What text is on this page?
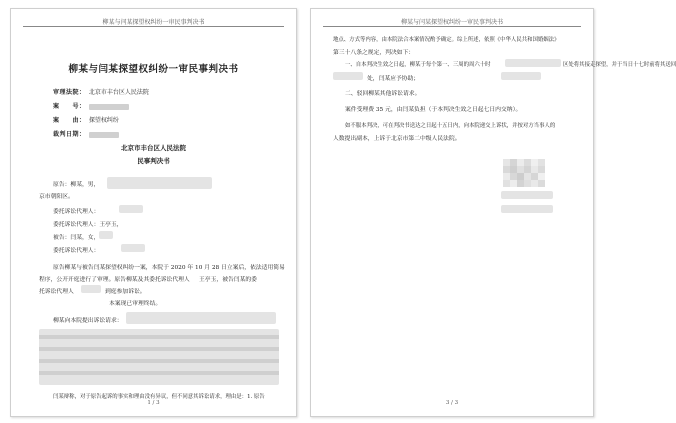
柳某与闫某探望权纠纷一审民事判决书
柳某与闫某探望权纠纷一审民事判决书
审理法院： 北京市丰台区人民法院
案　　号：
案　　由： 探望权纠纷
裁判日期：
北京市丰台区人民法院
民事判决书
原告：柳某，男，
京市朝阳区。
委托诉讼代理人：
委托诉讼代理人：王亭玉，
被告：闫某，女，
委托诉讼代理人：
原告柳某与被告闫某探望权纠纷一案，本院于 2020 年 10 月 28 日立案后，依法适用简易
程序，公开开庭进行了审理。原告柳某及其委托诉讼代理人 王亭玉，被告闫某的委
托诉讼代理人	到庭参加诉讼。
本案现已审理终结。
柳某向本院提出诉讼请求：
闫某辩称，对于原告起诉的事实和理由没有异议，但不同意其诉讼请求，理由是：1. 原告
1 / 3
柳某与闫某探望权纠纷一审民事判决书
地点、方式等内容，由本院法合本案情况酌予确定。综上所述，依照《中华人民共和国婚姻法》
第三十八条之规定，判决如下：
一、自本判决生效之日起，柳某于每个第一、三周的周六十时	区处将其接走探望，并于当日十七时前将其送回
处，闫某应予协助；
二、驳回柳某其他诉讼请求。
案件受理费 35 元，由闫某负担（于本判决生效之日起七日内交纳）。
如不服本判决，可在判决书送达之日起十五日内，向本院递交上诉状，并按对方当事人的
人数提出副本，上诉于北京市第二中级人民法院。
3 / 3
